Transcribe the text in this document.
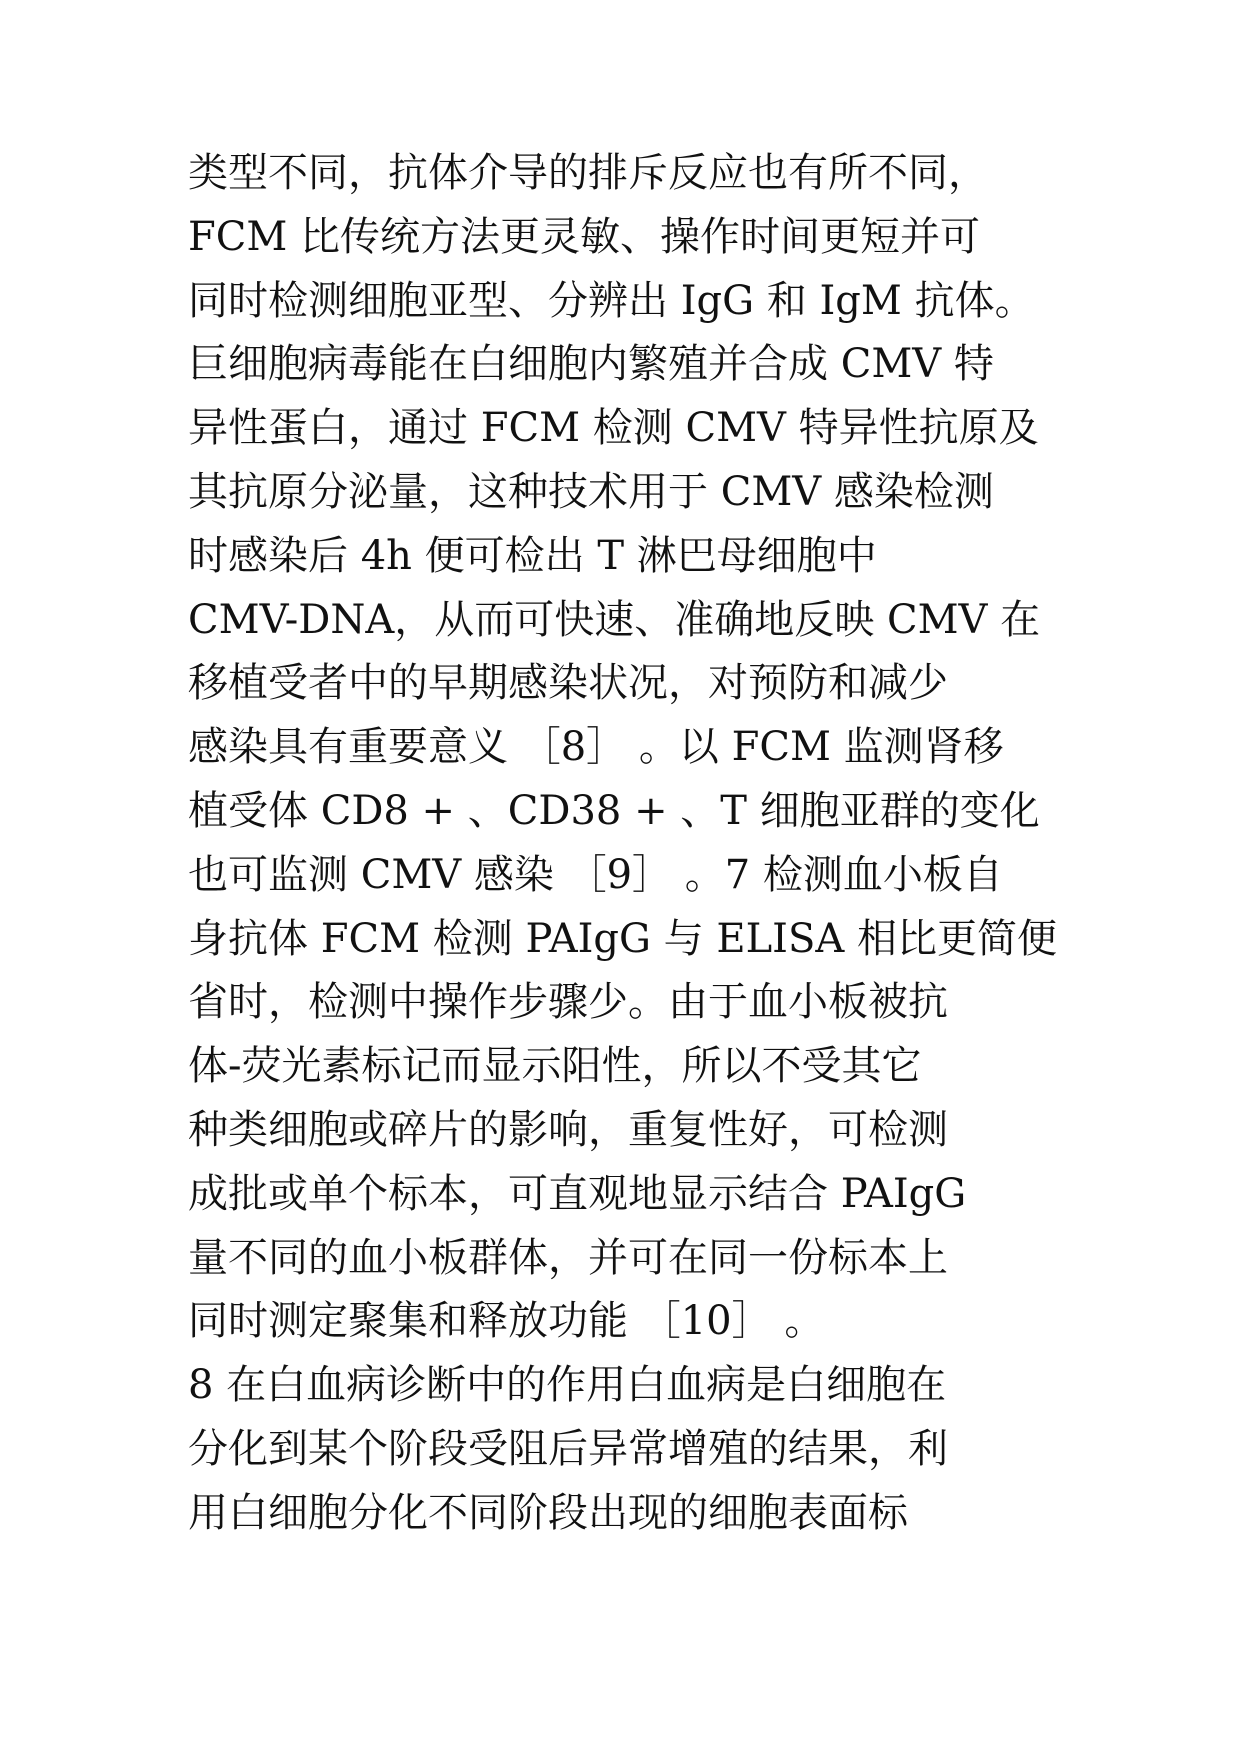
类型不同，抗体介导的排斥反应也有所不同，
FCM 比传统方法更灵敏、操作时间更短并可
同时检测细胞亚型、分辨出 IgG 和 IgM 抗体。
巨细胞病毒能在白细胞内繁殖并合成 CMV 特
异性蛋白，通过 FCM 检测 CMV 特异性抗原及
其抗原分泌量，这种技术用于 CMV 感染检测
时感染后 4h 便可检出 T 淋巴母细胞中
CMV-DNA，从而可快速、准确地反映 CMV 在
移植受者中的早期感染状况，对预防和减少
感染具有重要意义 ［8］ 。以 FCM 监测肾移
植受体 CD8 + 、CD38 + 、T 细胞亚群的变化
也可监测 CMV 感染 ［9］ 。7 检测血小板自
身抗体 FCM 检测 PAIgG 与 ELISA 相比更简便
省时，检测中操作步骤少。由于血小板被抗
体-荧光素标记而显示阳性，所以不受其它
种类细胞或碎片的影响，重复性好，可检测
成批或单个标本，可直观地显示结合 PAIgG
量不同的血小板群体，并可在同一份标本上
同时测定聚集和释放功能 ［10］ 。
8 在白血病诊断中的作用白血病是白细胞在
分化到某个阶段受阻后异常增殖的结果，利
用白细胞分化不同阶段出现的细胞表面标
